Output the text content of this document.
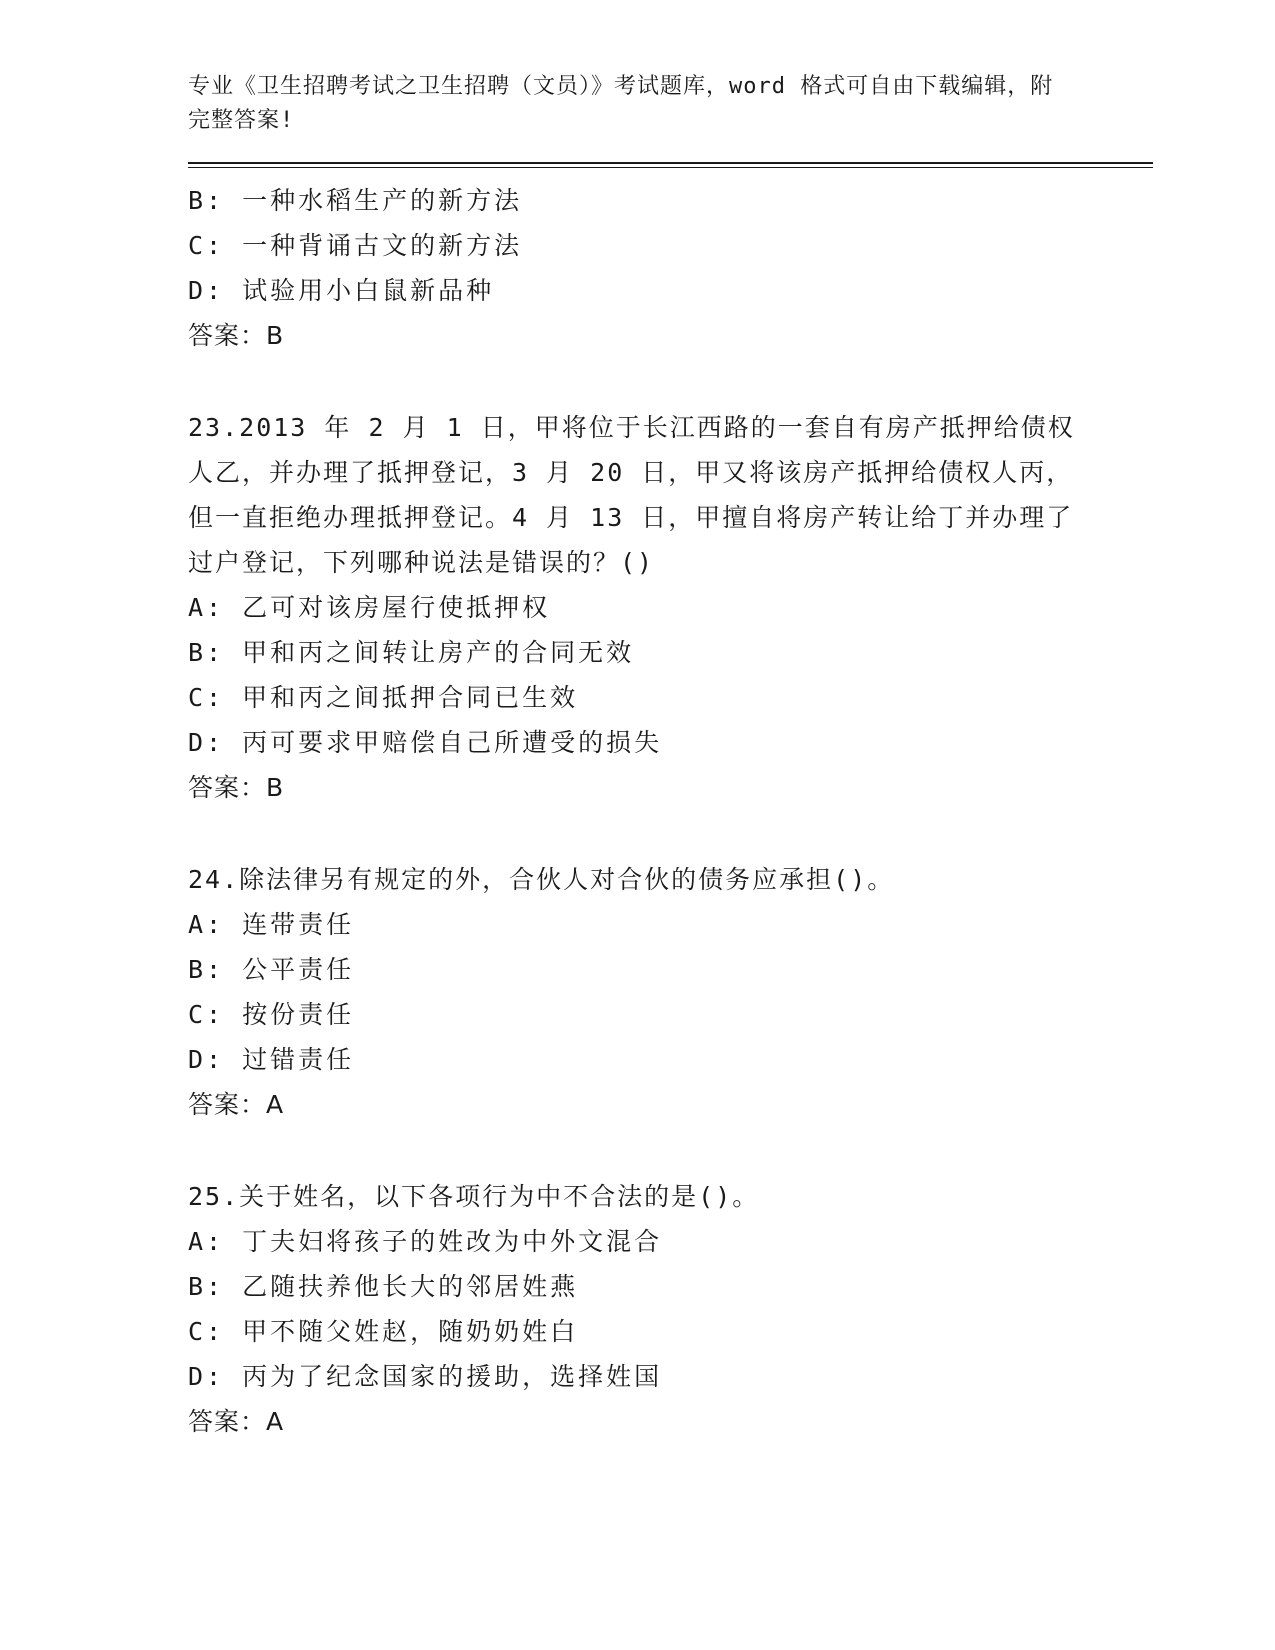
专业《卫生招聘考试之卫生招聘（文员）》考试题库，word 格式可自由下载编辑，附完整答案!

B: 一种水稻生产的新方法

C: 一种背诵古文的新方法

D: 试验用小白鼠新品种

答案：B

23.2013 年 2 月 1 日，甲将位于长江西路的一套自有房产抵押给债权人乙，并办理了抵押登记，3 月 20 日，甲又将该房产抵押给债权人丙，但一直拒绝办理抵押登记。4 月 13 日，甲擅自将房产转让给丁并办理了过户登记，下列哪种说法是错误的？()

A: 乙可对该房屋行使抵押权

B: 甲和丙之间转让房产的合同无效

C: 甲和丙之间抵押合同已生效

D: 丙可要求甲赔偿自己所遭受的损失

答案：B

24.除法律另有规定的外，合伙人对合伙的债务应承担()。

A: 连带责任

B: 公平责任

C: 按份责任

D: 过错责任

答案：A

25.关于姓名，以下各项行为中不合法的是()。

A: 丁夫妇将孩子的姓改为中外文混合

B: 乙随扶养他长大的邻居姓燕

C: 甲不随父姓赵，随奶奶姓白

D: 丙为了纪念国家的援助，选择姓国

答案：A
